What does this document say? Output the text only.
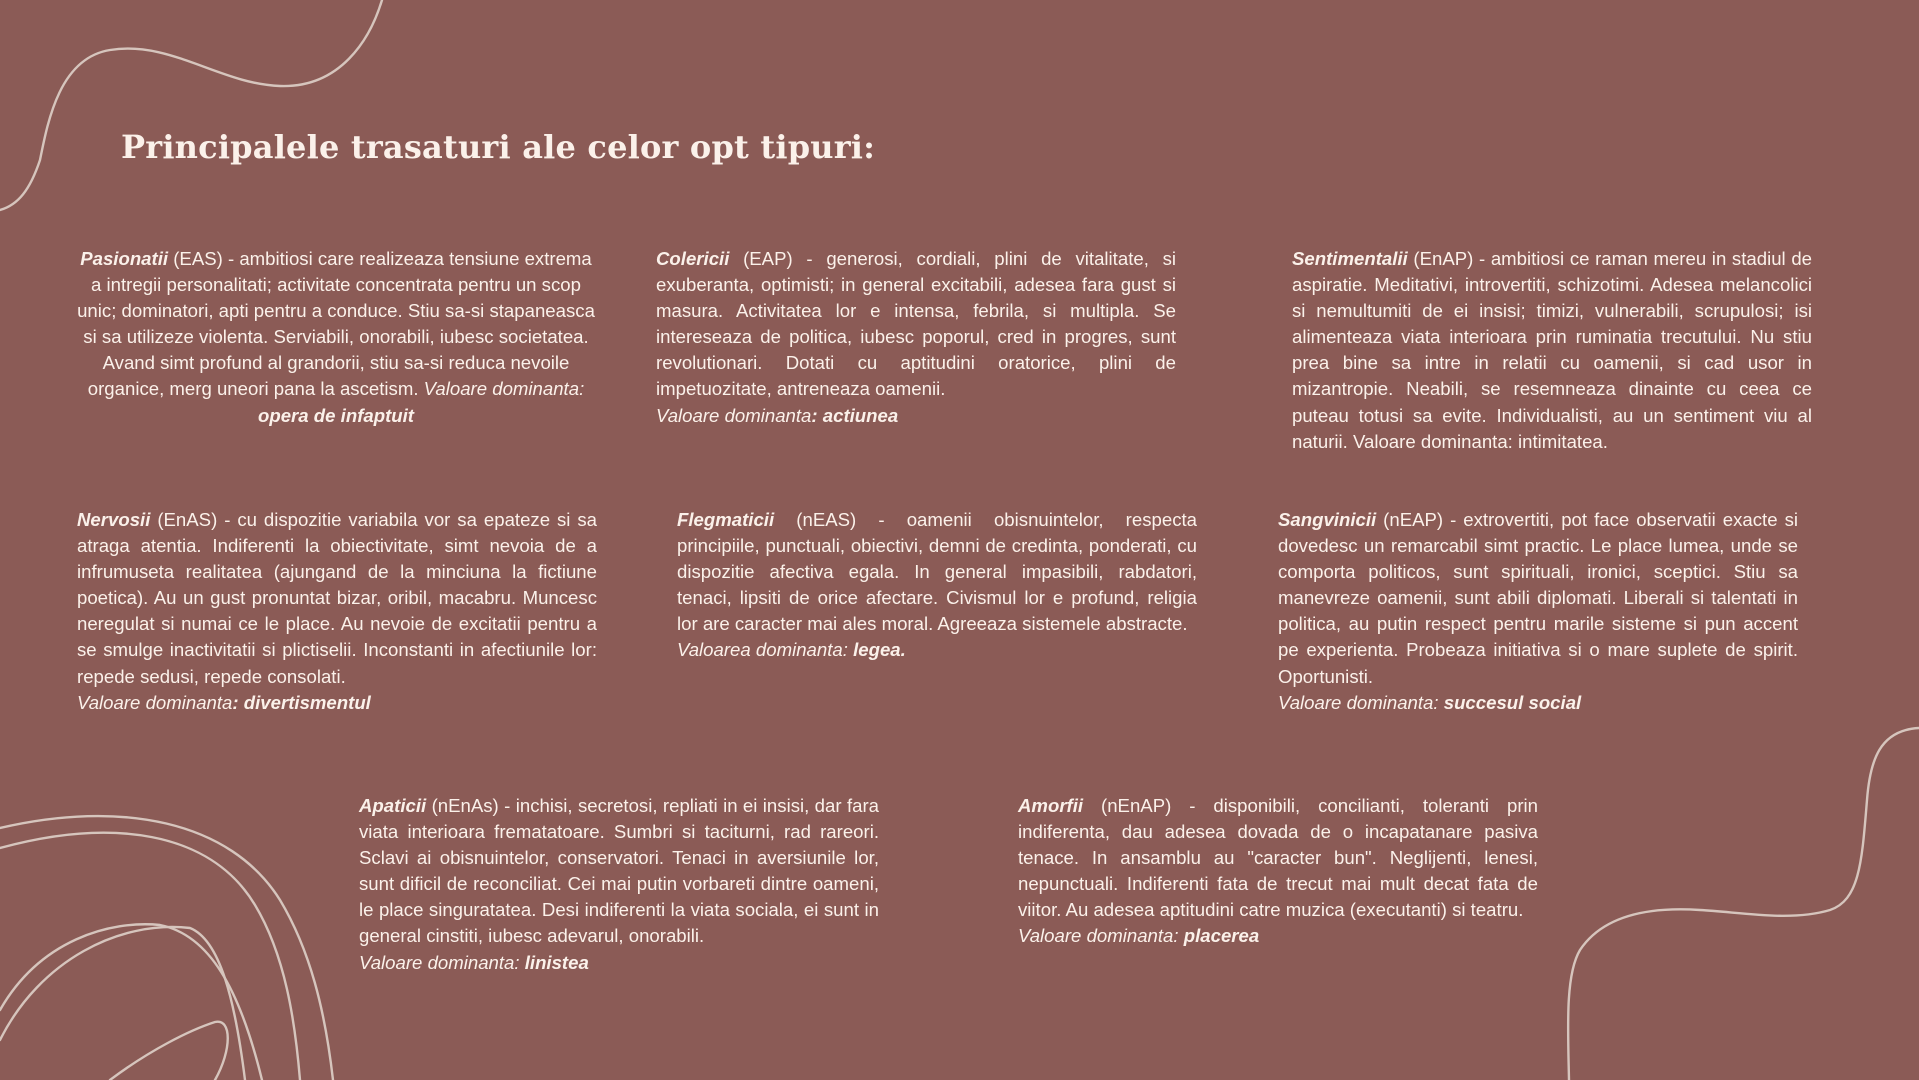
Principalele trasaturi ale celor opt tipuri:

Pasionatii (EAS) - ambitiosi care realizeaza tensiune extrema a intregii personalitati; activitate concentrata pentru un scop unic; dominatori, apti pentru a conduce. Stiu sa-si stapaneasca si sa utilizeze violenta. Serviabili, onorabili, iubesc societatea. Avand simt profund al grandorii, stiu sa-si reduca nevoile organice, merg uneori pana la ascetism. Valoare dominanta: opera de infaptuit

Colericii (EAP) - generosi, cordiali, plini de vitalitate, si exuberanta, optimisti; in general excitabili, adesea fara gust si masura. Activitatea lor e intensa, febrila, si multipla. Se intereseaza de politica, iubesc poporul, cred in progres, sunt revolutionari. Dotati cu aptitudini oratorice, plini de impetuozitate, antreneaza oamenii.
Valoare dominanta: actiunea

Sentimentalii (EnAP) - ambitiosi ce raman mereu in stadiul de aspiratie. Meditativi, introvertiti, schizotimi. Adesea melancolici si nemultumiti de ei insisi; timizi, vulnerabili, scrupulosi; isi alimenteaza viata interioara prin ruminatia trecutului. Nu stiu prea bine sa intre in relatii cu oamenii, si cad usor in mizantropie. Neabili, se resemneaza dinainte cu ceea ce puteau totusi sa evite. Individualisti, au un sentiment viu al naturii. Valoare dominanta: intimitatea.

Nervosii (EnAS) - cu dispozitie variabila vor sa epateze si sa atraga atentia. Indiferenti la obiectivitate, simt nevoia de a infrumuseta realitatea (ajungand de la minciuna la fictiune poetica). Au un gust pronuntat bizar, oribil, macabru. Muncesc neregulat si numai ce le place. Au nevoie de excitatii pentru a se smulge inactivitatii si plictiselii. Inconstanti in afectiunile lor: repede sedusi, repede consolati.
Valoare dominanta: divertismentul

Flegmaticii (nEAS) - oamenii obisnuintelor, respecta principiile, punctuali, obiectivi, demni de credinta, ponderati, cu dispozitie afectiva egala. In general impasibili, rabdatori, tenaci, lipsiti de orice afectare. Civismul lor e profund, religia lor are caracter mai ales moral. Agreeaza sistemele abstracte.
Valoarea dominanta: legea.

Sangvinicii (nEAP) - extrovertiti, pot face observatii exacte si dovedesc un remarcabil simt practic. Le place lumea, unde se comporta politicos, sunt spirituali, ironici, sceptici. Stiu sa manevreze oamenii, sunt abili diplomati. Liberali si talentati in politica, au putin respect pentru marile sisteme si pun accent pe experienta. Probeaza initiativa si o mare suplete de spirit. Oportunisti.
Valoare dominanta: succesul social

Apaticii (nEnAs) - inchisi, secretosi, repliati in ei insisi, dar fara viata interioara frematatoare. Sumbri si taciturni, rad rareori. Sclavi ai obisnuintelor, conservatori. Tenaci in aversiunile lor, sunt dificil de reconciliat. Cei mai putin vorbareti dintre oameni, le place singuratatea. Desi indiferenti la viata sociala, ei sunt in general cinstiti, iubesc adevarul, onorabili.
Valoare dominanta: linistea

Amorfii (nEnAP) - disponibili, concilianti, toleranti prin indiferenta, dau adesea dovada de o incapatanare pasiva tenace. In ansamblu au "caracter bun". Neglijenti, lenesi, nepunctuali. Indiferenti fata de trecut mai mult decat fata de viitor. Au adesea aptitudini catre muzica (executanti) si teatru.
Valoare dominanta: placerea
